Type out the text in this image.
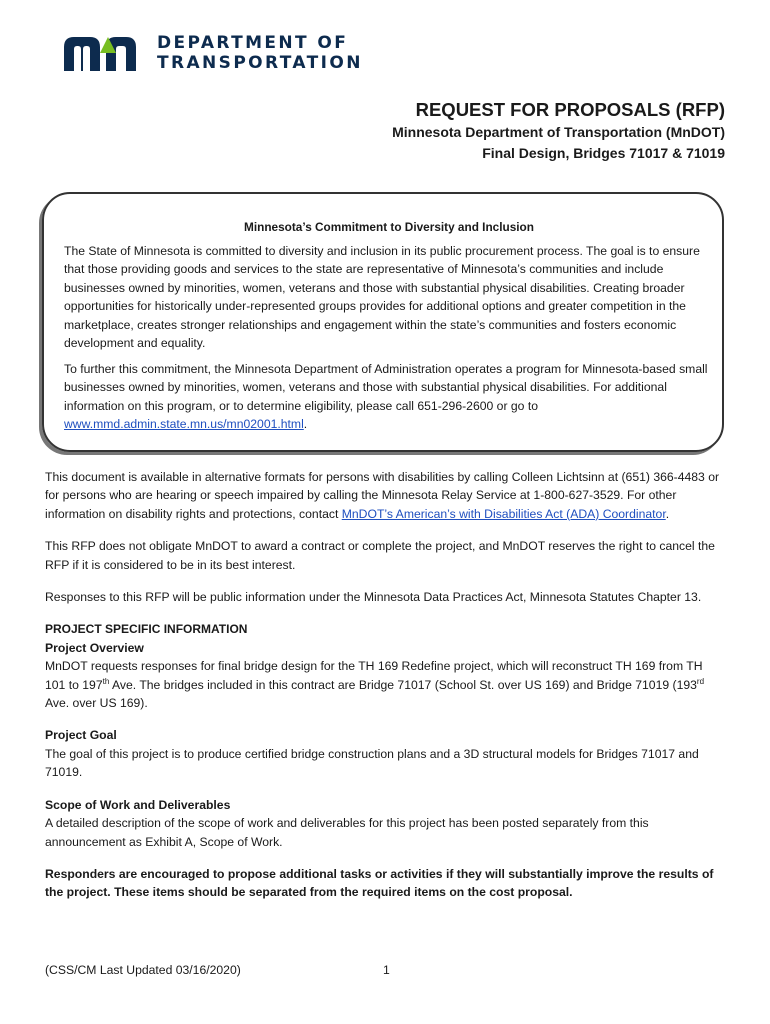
DEPARTMENT OF
TRANSPORTATION
REQUEST FOR PROPOSALS (RFP)
Minnesota Department of Transportation (MnDOT)
Final Design, Bridges 71017 & 71019
Minnesota’s Commitment to Diversity and Inclusion

The State of Minnesota is committed to diversity and inclusion in its public procurement process. The goal is to ensure that those providing goods and services to the state are representative of Minnesota’s communities and include businesses owned by minorities, women, veterans and those with substantial physical disabilities. Creating broader opportunities for historically under-represented groups provides for additional options and greater competition in the marketplace, creates stronger relationships and engagement within the state’s communities and fosters economic development and equality.

To further this commitment, the Minnesota Department of Administration operates a program for Minnesota-based small businesses owned by minorities, women, veterans and those with substantial physical disabilities. For additional information on this program, or to determine eligibility, please call 651-296-2600 or go to www.mmd.admin.state.mn.us/mn02001.html.

This document is available in alternative formats for persons with disabilities by calling Colleen Lichtsinn at (651) 366-4483 or for persons who are hearing or speech impaired by calling the Minnesota Relay Service at 1-800-627-3529. For other information on disability rights and protections, contact MnDOT’s American’s with Disabilities Act (ADA) Coordinator.

This RFP does not obligate MnDOT to award a contract or complete the project, and MnDOT reserves the right to cancel the RFP if it is considered to be in its best interest.

Responses to this RFP will be public information under the Minnesota Data Practices Act, Minnesota Statutes Chapter 13.

PROJECT SPECIFIC INFORMATION

Project Overview

MnDOT requests responses for final bridge design for the TH 169 Redefine project, which will reconstruct TH 169 from TH 101 to 197th Ave. The bridges included in this contract are Bridge 71017 (School St. over US 169) and Bridge 71019 (193rd Ave. over US 169).

Project Goal

The goal of this project is to produce certified bridge construction plans and a 3D structural models for Bridges 71017 and 71019.

Scope of Work and Deliverables

A detailed description of the scope of work and deliverables for this project has been posted separately from this announcement as Exhibit A, Scope of Work.

Responders are encouraged to propose additional tasks or activities if they will substantially improve the results of the project. These items should be separated from the required items on the cost proposal.

(CSS/CM Last Updated 03/16/2020)	1
